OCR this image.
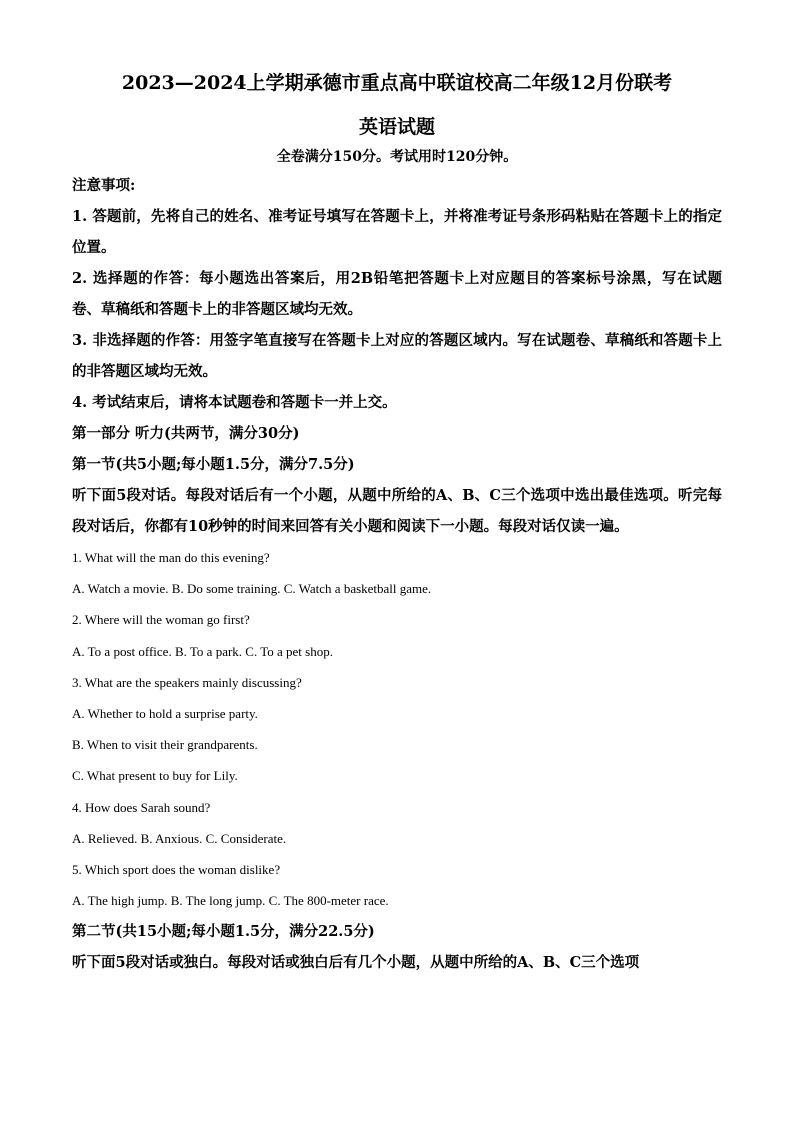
2023—2024上学期承德市重点高中联谊校高二年级12月份联考
英语试题
全卷满分150分。考试用时120分钟。

注意事项:

1. 答题前，先将自己的姓名、准考证号填写在答题卡上，并将准考证号条形码粘贴在答题卡上的指定位置。

2. 选择题的作答：每小题选出答案后，用2B铅笔把答题卡上对应题目的答案标号涂黑，写在试题卷、草稿纸和答题卡上的非答题区域均无效。

3. 非选择题的作答：用签字笔直接写在答题卡上对应的答题区域内。写在试题卷、草稿纸和答题卡上的非答题区域均无效。

4. 考试结束后，请将本试题卷和答题卡一并上交。

第一部分 听力(共两节，满分30分)

第一节(共5小题;每小题1.5分，满分7.5分)

听下面5段对话。每段对话后有一个小题，从题中所给的A、B、C三个选项中选出最佳选项。听完每段对话后，你都有10秒钟的时间来回答有关小题和阅读下一小题。每段对话仅读一遍。

1. What will the man do this evening?

A. Watch a movie. B. Do some training. C. Watch a basketball game.

2. Where will the woman go first?

A. To a post office. B. To a park. C. To a pet shop.

3. What are the speakers mainly discussing?

A. Whether to hold a surprise party.

B. When to visit their grandparents.

C. What present to buy for Lily.

4. How does Sarah sound?

A. Relieved. B. Anxious. C. Considerate.

5. Which sport does the woman dislike?

A. The high jump. B. The long jump. C. The 800-meter race.

第二节(共15小题;每小题1.5分，满分22.5分)

听下面5段对话或独白。每段对话或独白后有几个小题，从题中所给的A、B、C三个选项
